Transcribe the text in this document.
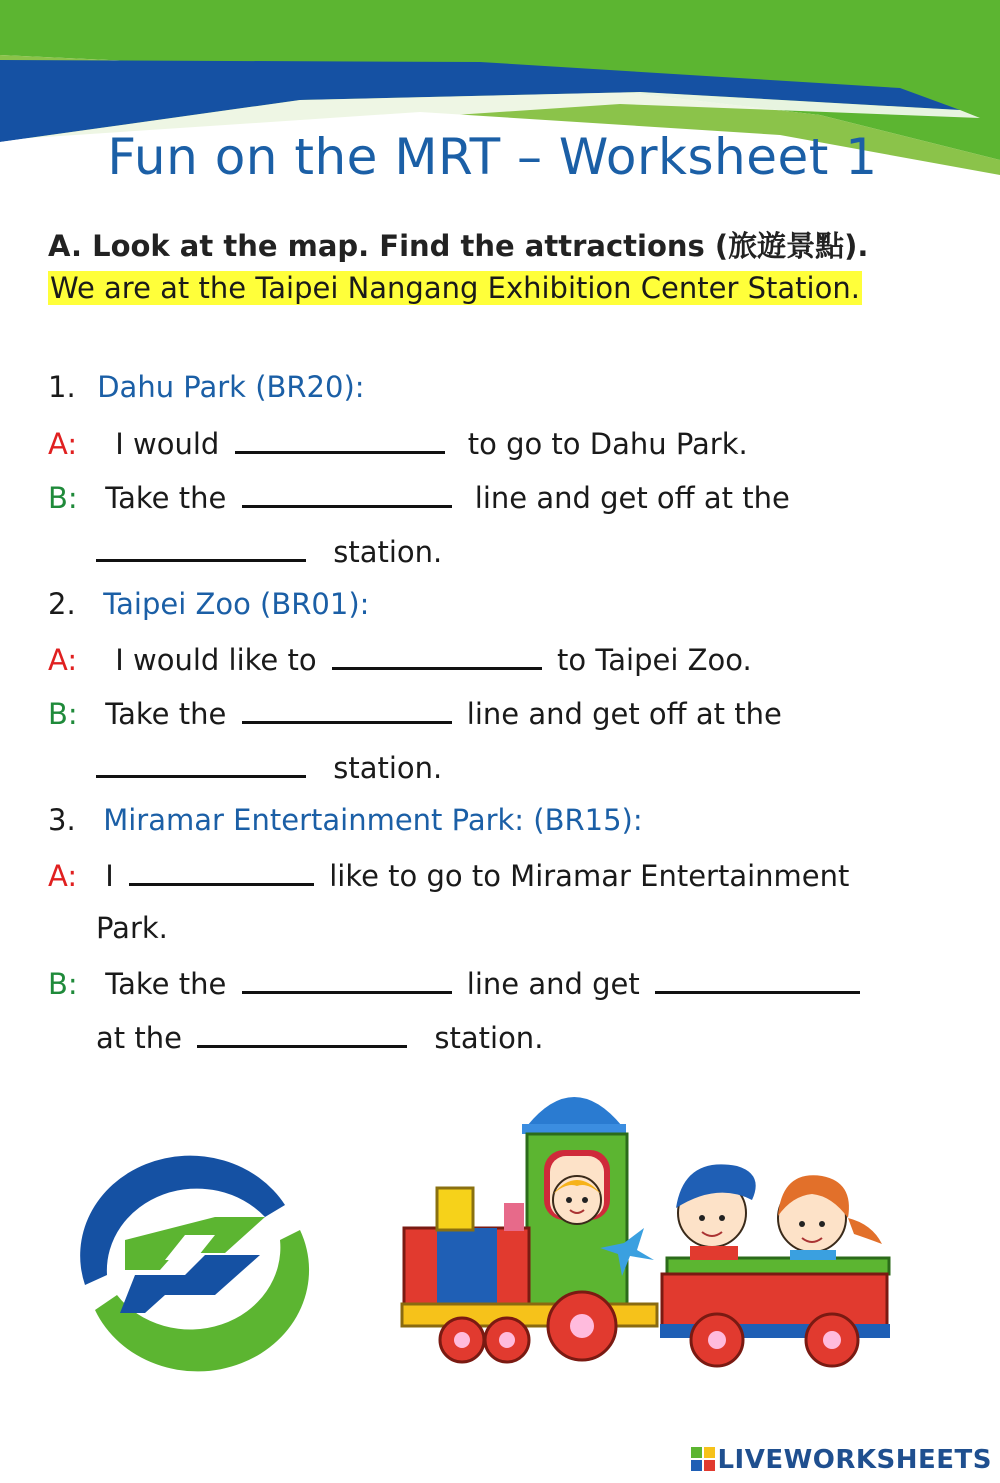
Fun on the MRT – Worksheet 1
A. Look at the map. Find the attractions (旅遊景點).
We are at the Taipei Nangang Exhibition Center Station.
1. Dahu Park (BR20):
A: I would	to go to Dahu Park.
B: Take the	line and get off at the
station.
2. Taipei Zoo (BR01):
A: I would like to	to Taipei Zoo.
B: Take the	line and get off at the
station.
3. Miramar Entertainment Park: (BR15):
A: I	like to go to Miramar Entertainment
Park.
B: Take the	line and get
at the	station.
LIVEWORKSHEETS
